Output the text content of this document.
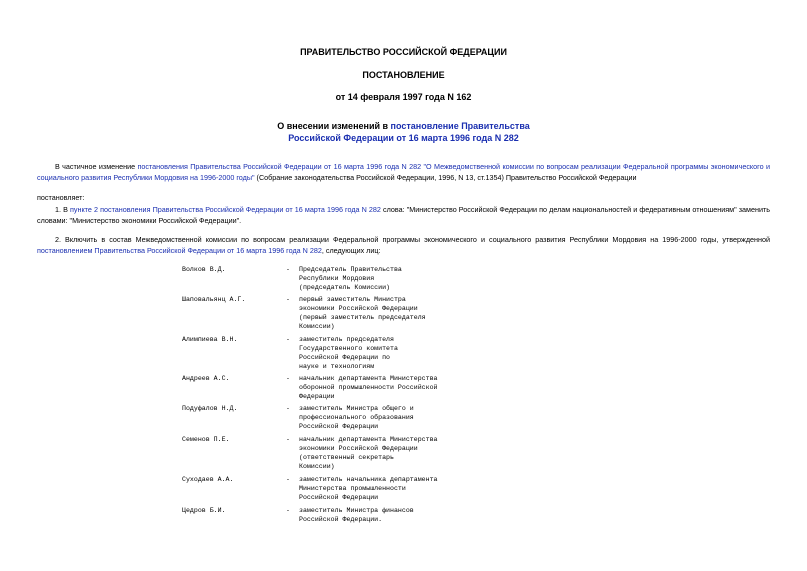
ПРАВИТЕЛЬСТВО РОССИЙСКОЙ ФЕДЕРАЦИИ
ПОСТАНОВЛЕНИЕ
от 14 февраля 1997 года N 162
О внесении изменений в постановление Правительства
Российской Федерации от 16 марта 1996 года N 282
В частичное изменение постановления Правительства Российской Федерации от 16 марта 1996 года N 282 "О Межведомственной комиссии по вопросам реализации Федеральной программы экономического и социального развития Республики Мордовия на 1996-2000 годы" (Собрание законодательства Российской Федерации, 1996, N 13, ст.1354) Правительство Российской Федерации
постановляет:
1. В пункте 2 постановления Правительства Российской Федерации от 16 марта 1996 года N 282 слова: "Министерство Российской Федерации по делам национальностей и федеративным отношениям" заменить словами: "Министерство экономики Российской Федерации".
2. Включить в состав Межведомственной комиссии по вопросам реализации Федеральной программы экономического и социального развития Республики Мордовия на 1996-2000 годы, утвержденной постановлением Правительства Российской Федерации от 16 марта 1996 года N 282, следующих лиц:
Волков В.Д.	- Председатель Правительства
Республики Мордовия
(председатель Комиссии)
Шаповальянц А.Г.	- первый заместитель Министра
экономики Российской Федерации
(первый заместитель председателя
Комиссии)
Алимпиева В.Н.	- заместитель председателя
Государственного комитета
Российской Федерации по
науке и технологиям
Андреев А.С.	- начальник департамента Министерства
оборонной промышленности Российской
Федерации
Подуфалов Н.Д.	- заместитель Министра общего и
профессионального образования
Российской Федерации
Семенов П.Е.	- начальник департамента Министерства
экономики Российской Федерации
(ответственный секретарь
Комиссии)
Суходаев А.А.	- заместитель начальника департамента
Министерства промышленности
Российской Федерации
Цедров Б.И.	- заместитель Министра финансов
Российской Федерации.
